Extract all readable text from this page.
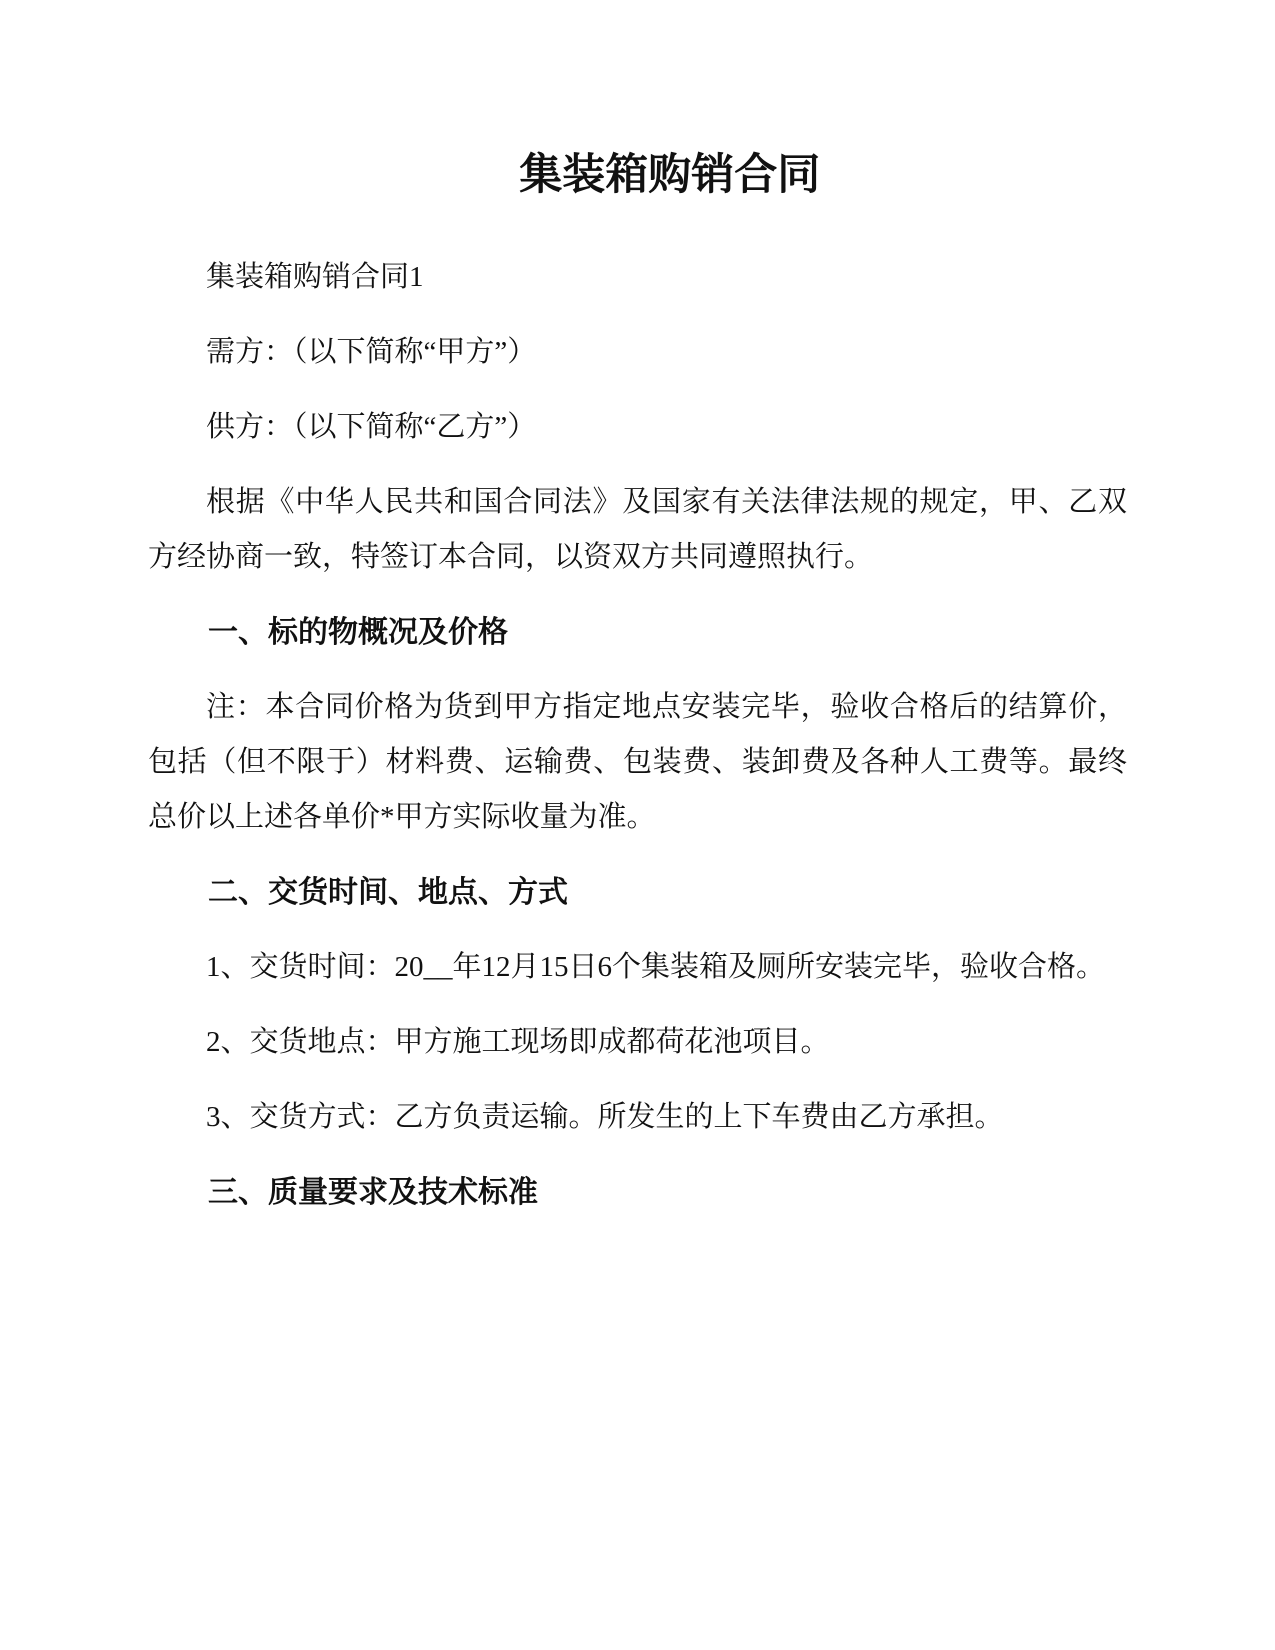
集装箱购销合同

集装箱购销合同1

需方：（以下简称“甲方”）

供方：（以下简称“乙方”）

根据《中华人民共和国合同法》及国家有关法律法规的规定，甲、乙双方经协商一致，特签订本合同，以资双方共同遵照执行。

一、标的物概况及价格

注：本合同价格为货到甲方指定地点安装完毕，验收合格后的结算价，包括（但不限于）材料费、运输费、包装费、装卸费及各种人工费等。最终总价以上述各单价*甲方实际收量为准。

二、交货时间、地点、方式

1、交货时间：20__年12月15日6个集装箱及厕所安装完毕，验收合格。

2、交货地点：甲方施工现场即成都荷花池项目。

3、交货方式：乙方负责运输。所发生的上下车费由乙方承担。

三、质量要求及技术标准
